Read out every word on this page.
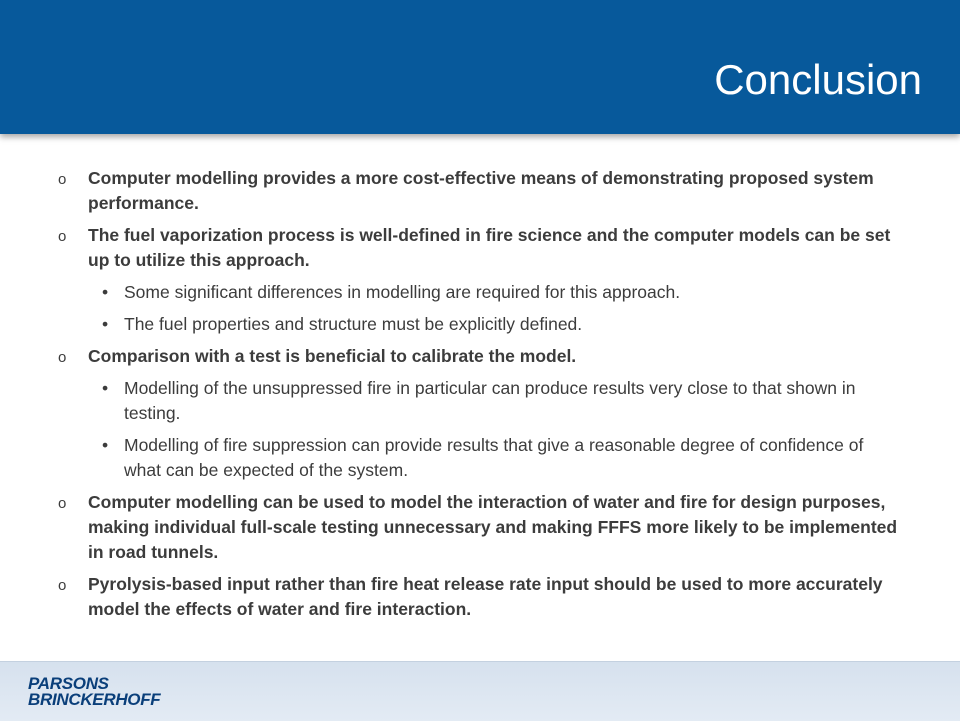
Conclusion
o Computer modelling provides a more cost-effective means of demonstrating proposed system performance.
o The fuel vaporization process is well-defined in fire science and the computer models can be set up to utilize this approach.
• Some significant differences in modelling are required for this approach.
• The fuel properties and structure must be explicitly defined.
o Comparison with a test is beneficial to calibrate the model.
• Modelling of the unsuppressed fire in particular can produce results very close to that shown in testing.
• Modelling of fire suppression can provide results that give a reasonable degree of confidence of what can be expected of the system.
o Computer modelling can be used to model the interaction of water and fire for design purposes, making individual full-scale testing unnecessary and making FFFS more likely to be implemented in road tunnels.
o Pyrolysis-based input rather than fire heat release rate input should be used to more accurately model the effects of water and fire interaction.
PARSONS
BRINCKERHOFF
